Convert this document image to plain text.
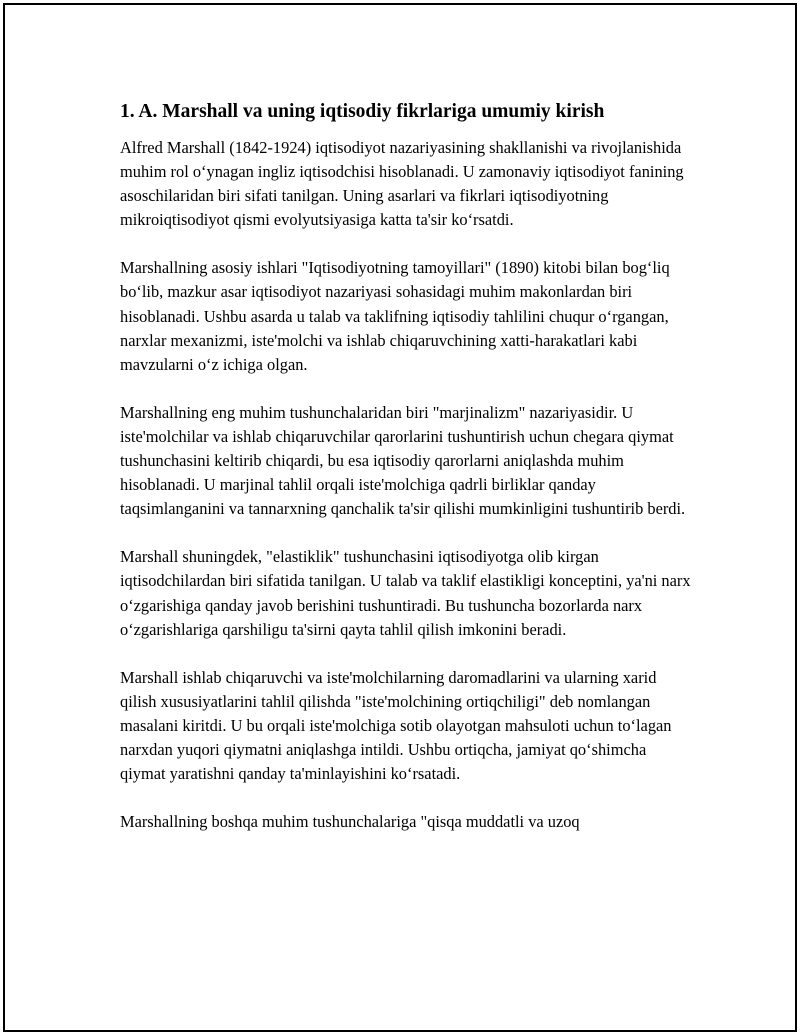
1. A. Marshall va uning iqtisodiy fikrlariga umumiy kirish

Alfred Marshall (1842-1924) iqtisodiyot nazariyasining shakllanishi va rivojlanishida muhim rol oʻynagan ingliz iqtisodchisi hisoblanadi. U zamonaviy iqtisodiyot fanining asoschilaridan biri sifati tanilgan. Uning asarlari va fikrlari iqtisodiyotning mikroiqtisodiyot qismi evolyutsiyasiga katta ta'sir koʻrsatdi.

Marshallning asosiy ishlari "Iqtisodiyotning tamoyillari" (1890) kitobi bilan bogʻliq boʻlib, mazkur asar iqtisodiyot nazariyasi sohasidagi muhim makonlardan biri hisoblanadi. Ushbu asarda u talab va taklifning iqtisodiy tahlilini chuqur oʻrgangan, narxlar mexanizmi, iste'molchi va ishlab chiqaruvchining xatti-harakatlari kabi mavzularni oʻz ichiga olgan.

Marshallning eng muhim tushunchalaridan biri "marjinalizm" nazariyasidir. U iste'molchilar va ishlab chiqaruvchilar qarorlarini tushuntirish uchun chegara qiymat tushunchasini keltirib chiqardi, bu esa iqtisodiy qarorlarni aniqlashda muhim hisoblanadi. U marjinal tahlil orqali iste'molchiga qadrli birliklar qanday taqsimlanganini va tannarxning qanchalik ta'sir qilishi mumkinligini tushuntirib berdi.

Marshall shuningdek, "elastiklik" tushunchasini iqtisodiyotga olib kirgan iqtisodchilardan biri sifatida tanilgan. U talab va taklif elastikligi konceptini, ya'ni narx oʻzgarishiga qanday javob berishini tushuntiradi. Bu tushuncha bozorlarda narx oʻzgarishlariga qarshiligu ta'sirni qayta tahlil qilish imkonini beradi.

Marshall ishlab chiqaruvchi va iste'molchilarning daromadlarini va ularning xarid qilish xususiyatlarini tahlil qilishda "iste'molchining ortiqchiligi" deb nomlangan masalani kiritdi. U bu orqali iste'molchiga sotib olayotgan mahsuloti uchun toʻlagan narxdan yuqori qiymatni aniqlashga intildi. Ushbu ortiqcha, jamiyat qoʻshimcha qiymat yaratishni qanday ta'minlayishini koʻrsatadi.

Marshallning boshqa muhim tushunchalariga "qisqa muddatli va uzoq
